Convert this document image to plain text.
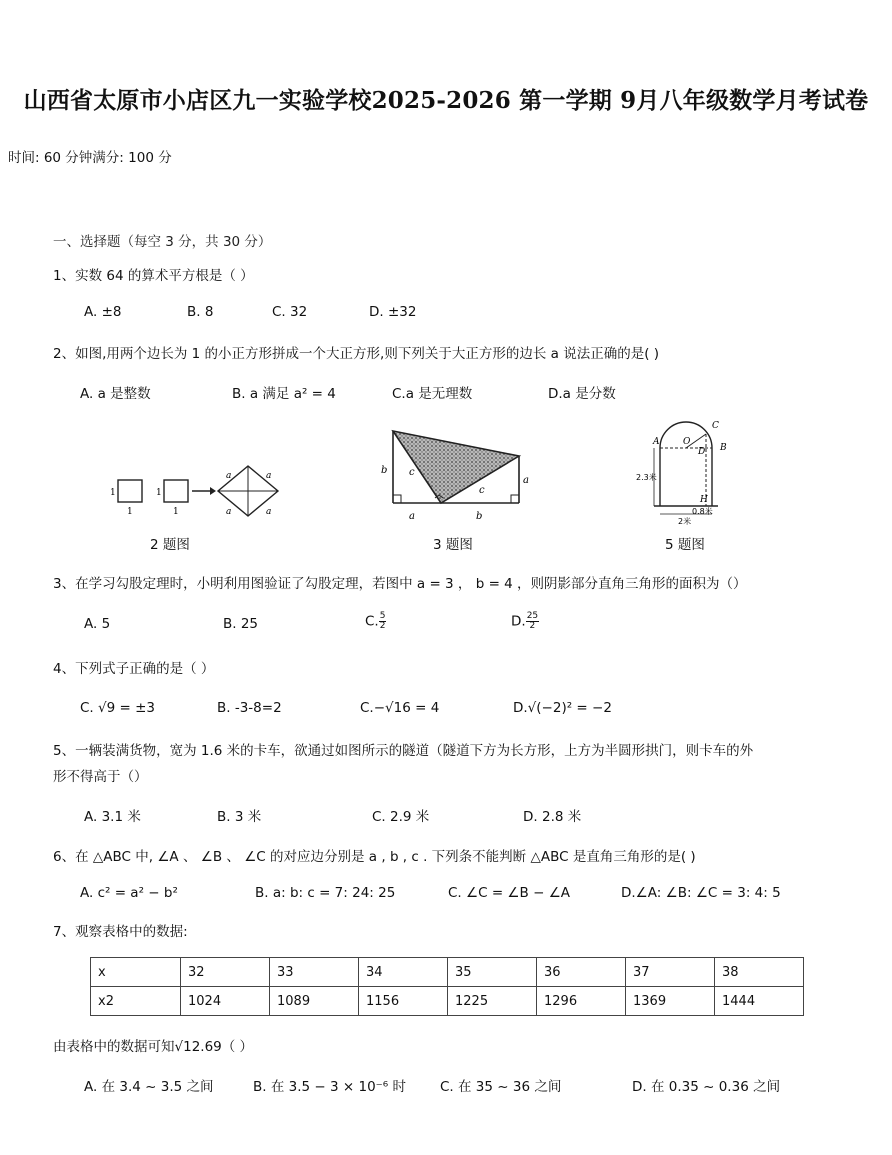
山西省太原市小店区九一实验学校2025-2026 第一学期 9月八年级数学月考试卷
时间: 60 分钟满分: 100 分
一、选择题（每空 3 分，共 30 分）
1、实数 64 的算术平方根是（ ）
A. ±8	B. 8	C. 32	D. ±32
2、如图,用两个边长为 1 的小正方形拼成一个大正方形,则下列关于大正方形的边长 a 说法正确的是( )
A. a 是整数	B. a 满足 a² = 4	C.a 是无理数	D.a 是分数
1
1
1
1
a	a
a	a
2 题图
b c
c
a
a	b
3 题图
A	O
C
B
D
H
2.3米
0.8米
2米
5 题图
3、在学习勾股定理时，小明利用图验证了勾股定理，若图中 a = 3 ， b = 4 ，则阴影部分直角三角形的面积为（）
A. 5	B. 25	C. $\frac{5}{2}$	D. $\frac{25}{2}$
4、下列式子正确的是（ ）
C. √9 = ±3	B. -3-8=2	C.−√16 = 4	D.√(−2)² = −2
5、一辆装满货物，宽为 1.6 米的卡车，欲通过如图所示的隧道（隧道下方为长方形，上方为半圆形拱门，则卡车的外
形不得高于（）
A. 3.1 米	B. 3 米	C. 2.9 米	D. 2.8 米
6、在 △ABC 中, ∠A 、 ∠B 、 ∠C 的对应边分别是 a , b , c . 下列条不能判断 △ABC 是直角三角形的是( )
A. c² = a² − b²	B. a: b: c = 7: 24: 25	C. ∠C = ∠B − ∠A	D.∠A: ∠B: ∠C = 3: 4: 5
7、观察表格中的数据:
x	32	33	34	35	36	37	38
x2	1024	1089	1156	1225	1296	1369	1444
由表格中的数据可知√12.69（ ）
A. 在 3.4 ~ 3.5 之间	B. 在 3.5 − 3 × 10⁻⁶ 时	C. 在 35 ~ 36 之间	D. 在 0.35 ~ 0.36 之间
